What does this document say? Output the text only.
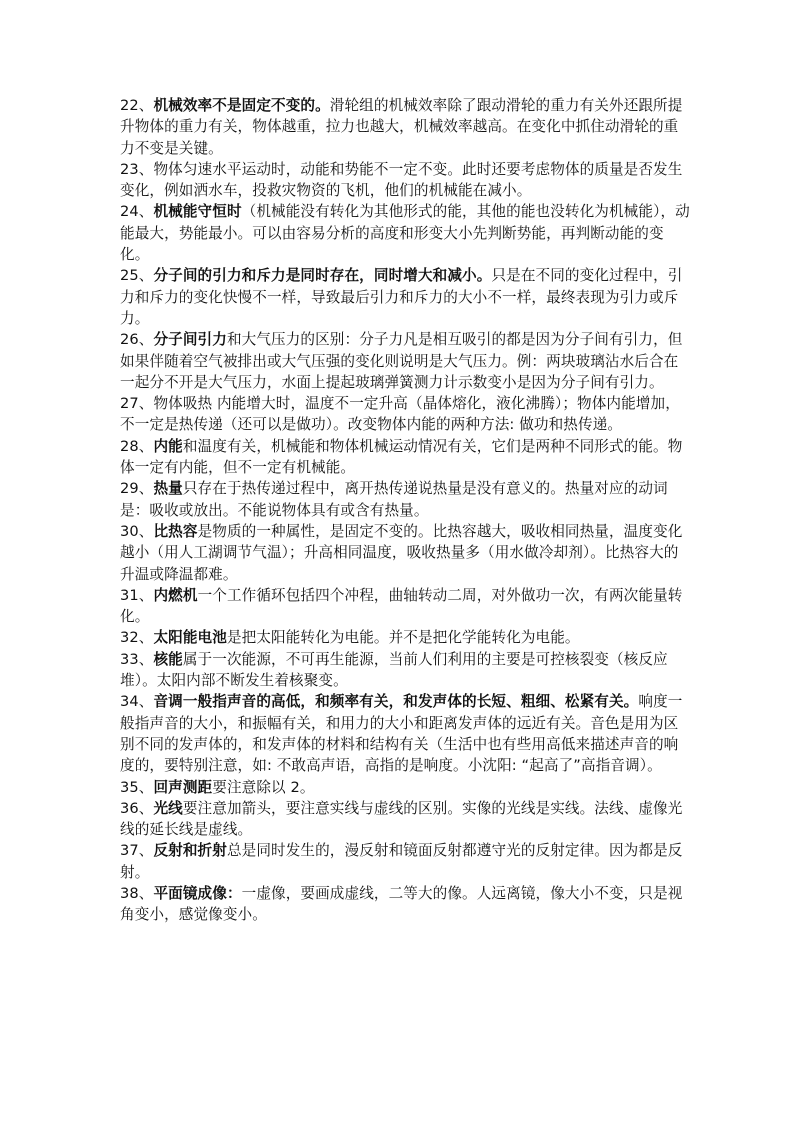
22、机械效率不是固定不变的。滑轮组的机械效率除了跟动滑轮的重力有关外还跟所提升物体的重力有关，物体越重，拉力也越大，机械效率越高。在变化中抓住动滑轮的重力不变是关键。

23、物体匀速水平运动时，动能和势能不一定不变。此时还要考虑物体的质量是否发生变化，例如洒水车，投救灾物资的飞机，他们的机械能在减小。

24、机械能守恒时（机械能没有转化为其他形式的能，其他的能也没转化为机械能），动能最大，势能最小。可以由容易分析的高度和形变大小先判断势能，再判断动能的变化。

25、分子间的引力和斥力是同时存在，同时增大和减小。只是在不同的变化过程中，引力和斥力的变化快慢不一样，导致最后引力和斥力的大小不一样，最终表现为引力或斥力。

26、分子间引力和大气压力的区别：分子力凡是相互吸引的都是因为分子间有引力，但如果伴随着空气被排出或大气压强的变化则说明是大气压力。例：两块玻璃沾水后合在一起分不开是大气压力，水面上提起玻璃弹簧测力计示数变小是因为分子间有引力。

27、物体吸热 内能增大时，温度不一定升高（晶体熔化，液化沸腾）；物体内能增加，不一定是热传递（还可以是做功）。改变物体内能的两种方法: 做功和热传递。

28、内能和温度有关，机械能和物体机械运动情况有关，它们是两种不同形式的能。物体一定有内能，但不一定有机械能。

29、热量只存在于热传递过程中，离开热传递说热量是没有意义的。热量对应的动词是：吸收或放出。不能说物体具有或含有热量。

30、比热容是物质的一种属性，是固定不变的。比热容越大，吸收相同热量，温度变化越小（用人工湖调节气温）；升高相同温度，吸收热量多（用水做冷却剂）。比热容大的升温或降温都难。

31、内燃机一个工作循环包括四个冲程，曲轴转动二周，对外做功一次，有两次能量转化。

32、太阳能电池是把太阳能转化为电能。并不是把化学能转化为电能。

33、核能属于一次能源，不可再生能源，当前人们利用的主要是可控核裂变（核反应堆）。太阳内部不断发生着核聚变。

34、音调一般指声音的高低，和频率有关，和发声体的长短、粗细、松紧有关。响度一般指声音的大小，和振幅有关，和用力的大小和距离发声体的远近有关。音色是用为区别不同的发声体的，和发声体的材料和结构有关（生活中也有些用高低来描述声音的响度的，要特别注意，如: 不敢高声语，高指的是响度。小沈阳: “起高了”高指音调）。

35、回声测距要注意除以 2。

36、光线要注意加箭头，要注意实线与虚线的区别。实像的光线是实线。法线、虚像光线的延长线是虚线。

37、反射和折射总是同时发生的，漫反射和镜面反射都遵守光的反射定律。因为都是反射。

38、平面镜成像：一虚像，要画成虚线，二等大的像。人远离镜，像大小不变，只是视角变小，感觉像变小。
